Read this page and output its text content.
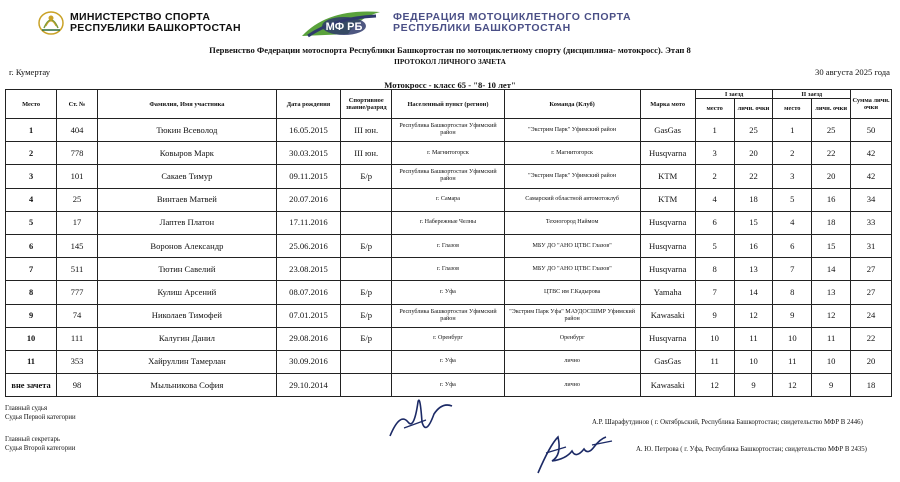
МИНИСТЕРСТВО СПОРТА
РЕСПУБЛИКИ БАШКОРТОСТАН	МФ РБ
ФЕДЕРАЦИЯ МОТОЦИКЛЕТНОГО СПОРТА
РЕСПУБЛИКИ БАШКОРТОСТАН
Первенство Федерации мотоспорта Республики Башкортостан по мотоциклетному спорту (дисциплина- мотокросс). Этап 8
ПРОТОКОЛ ЛИЧНОГО ЗАЧЕТА
г. Кумертау	30 августа 2025 года
Мотокросс - класс 65 - "8- 10 лет"
Место	Ст. №	Фамилия, Имя участника	Дата рождения	Спортивное звание/разряд	Населенный пункт (регион)	Команда (Клуб)	Марка мото	I заезд		II заезд		Сумма личн. очки
								место	личн. очки	место	личн. очки	
1	404	Тюкин Всеволод	16.05.2015	III юн.	Республика Башкортостан Уфимский район	"Экстрим Парк" Уфимский район	GasGas	1	25	1	25	50
2	778	Ковыров Марк	30.03.2015	III юн.	г. Магнитогорск	г. Магнитогорск	Husqvarna	3	20	2	22	42
3	101	Сакаев Тимур	09.11.2015	Б/р	Республика Башкортостан Уфимский район	"Экстрим Парк" Уфимский район	KTM	2	22	3	20	42
4	25	Винтаев Матвей	20.07.2016		г. Самара	Самарский областной автомотоклуб	KTM	4	18	5	16	34
5	17	Лаптев Платон	17.11.2016		г. Набережные Челны	Техногород Наймом	Husqvarna	6	15	4	18	33
6	145	Воронов Александр	25.06.2016	Б/р	г. Глазов	МБУ ДО "АНО ЦТВС Глазов"	Husqvarna	5	16	6	15	31
7	511	Тютин Савелий	23.08.2015		г. Глазов	МБУ ДО "АНО ЦТВС Глазов"	Husqvarna	8	13	7	14	27
8	777	Кулиш Арсений	08.07.2016	Б/р	г. Уфа	ЦТВС им Г.Кадырова	Yamaha	7	14	8	13	27
9	74	Николаев Тимофей	07.01.2015	Б/р	Республика Башкортостан Уфимский район	"Экстрим Парк Уфа" МАУДОСШМР Уфимский район	Kawasaki	9	12	9	12	24
10	111	Калугин Данил	29.08.2016	Б/р	г. Оренбург	Оренбург	Husqvarna	10	11	10	11	22
11	353	Хайруллин Тамерлан	30.09.2016		г. Уфа	лично	GasGas	11	10	11	10	20
вне зачета	98	Мыльникова София	29.10.2014		г. Уфа	лично	Kawasaki	12	9	12	9	18
Главный судья
Судья Первой категории
Главный секретарь
Судья Второй категории
А.Р. Шарафутдинов ( г. Октябрьский, Республика Башкортостан; свидетельство МФР В 2446)
А. Ю. Петрова ( г. Уфа, Республика Башкортостан; свидетельство МФР В 2435)
